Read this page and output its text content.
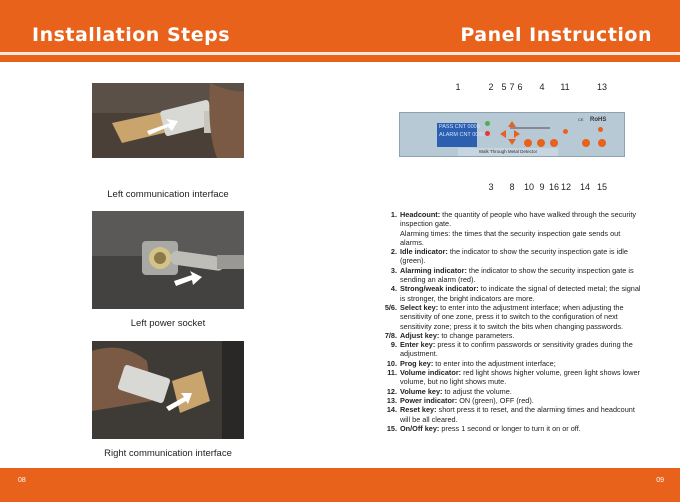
Installation Steps	Panel Instruction
Left communication interface
Left power socket
Right communication interface
1	2 5 7 6	4	11	13
PASS CNT 0000
ALARM CNT 0000
CE RoHS
Walk Through Metal Detector
3	8	10 9 16 12 14 15
1. Headcount: the quantity of people who have walked through the security inspection gate.
Alarming times: the times that the security inspection gate sends out alarms.
2. Idle indicator: the indicator to show the security inspection gate is idle (green).
3. Alarming indicator: the indicator to show the security inspection gate is sending an alarm (red).
4. Strong/weak indicator: to indicate the signal of detected metal; the signal is stronger, the bright indicators are more.
5/6. Select key: to enter into the adjustment interface; when adjusting the sensitivity of one zone, press it to switch to the configuration of next sensitivity zone; press it to switch the bits when changing passwords.
7/8. Adjust key: to change parameters.
9. Enter key: press it to confirm passwords or sensitivity grades during the adjustment.
10. Prog key: to enter into the adjustment interface;
11. Volume indicator: red light shows higher volume, green light shows lower volume, but no light shows mute.
12. Volume key: to adjust the volume.
13. Power indicator: ON (green), OFF (red).
14. Reset key: short press it to reset, and the alarming times and headcount will be all cleared.
15. On/Off key: press 1 second or longer to turn it on or off.
08	09
